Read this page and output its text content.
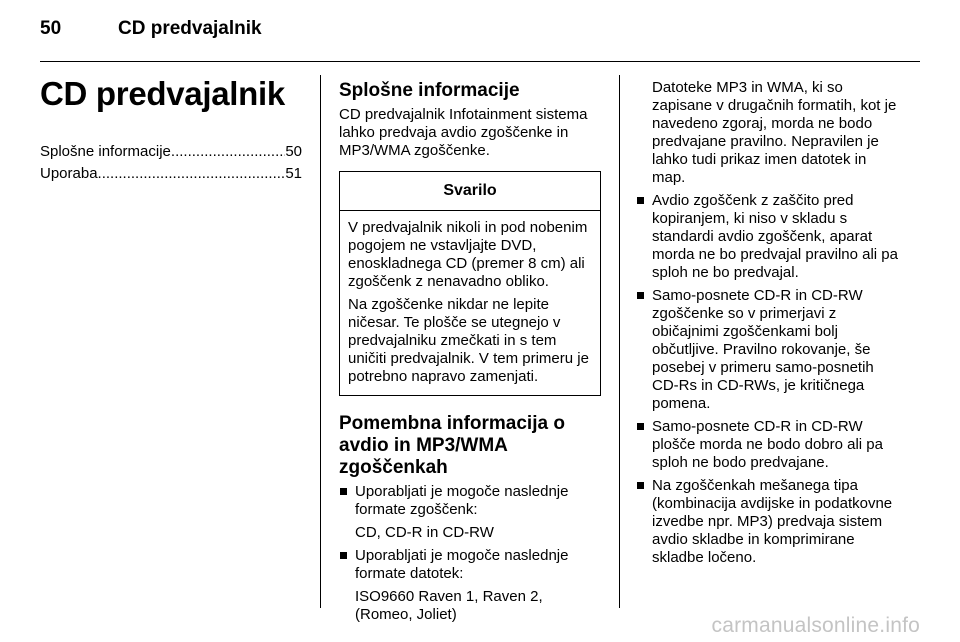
50	CD predvajalnik
CD predvajalnik
Splošne informacije .....	50
Uporaba .....	51
Splošne informacije

CD predvajalnik Infotainment sistema lahko predvaja avdio zgoščenke in MP3/WMA zgoščenke.

Svarilo

V predvajalnik nikoli in pod nobenim pogojem ne vstavljajte DVD, enoskladnega CD (premer 8 cm) ali zgoščenk z nenavadno obliko.

Na zgoščenke nikdar ne lepite ničesar. Te plošče se utegnejo v predvajalniku zmečkati in s tem uničiti predvajalnik. V tem primeru je potrebno napravo zamenjati.

Pomembna informacija o avdio in MP3/WMA zgoščenkah
Uporabljati je mogoče naslednje formate zgoščenk:
CD, CD-R in CD-RW
Uporabljati je mogoče naslednje formate datotek:
ISO9660 Raven 1, Raven 2, (Romeo, Joliet)

Datoteke MP3 in WMA, ki so zapisane v drugačnih formatih, kot je navedeno zgoraj, morda ne bodo predvajane pravilno. Nepravilen je lahko tudi prikaz imen datotek in map.

Avdio zgoščenk z zaščito pred kopiranjem, ki niso v skladu s standardi avdio zgoščenk, aparat morda ne bo predvajal pravilno ali pa sploh ne bo predvajal.
Samo-posnete CD-R in CD-RW zgoščenke so v primerjavi z običajnimi zgoščenkami bolj občutljive. Pravilno rokovanje, še posebej v primeru samo-posnetih CD-Rs in CD-RWs, je kritičnega pomena.
Samo-posnete CD-R in CD-RW plošče morda ne bodo dobro ali pa sploh ne bodo predvajane.
Na zgoščenkah mešanega tipa (kombinacija avdijske in podatkovne izvedbe npr. MP3) predvaja sistem avdio skladbe in komprimirane skladbe ločeno.
carmanualsonline.info
